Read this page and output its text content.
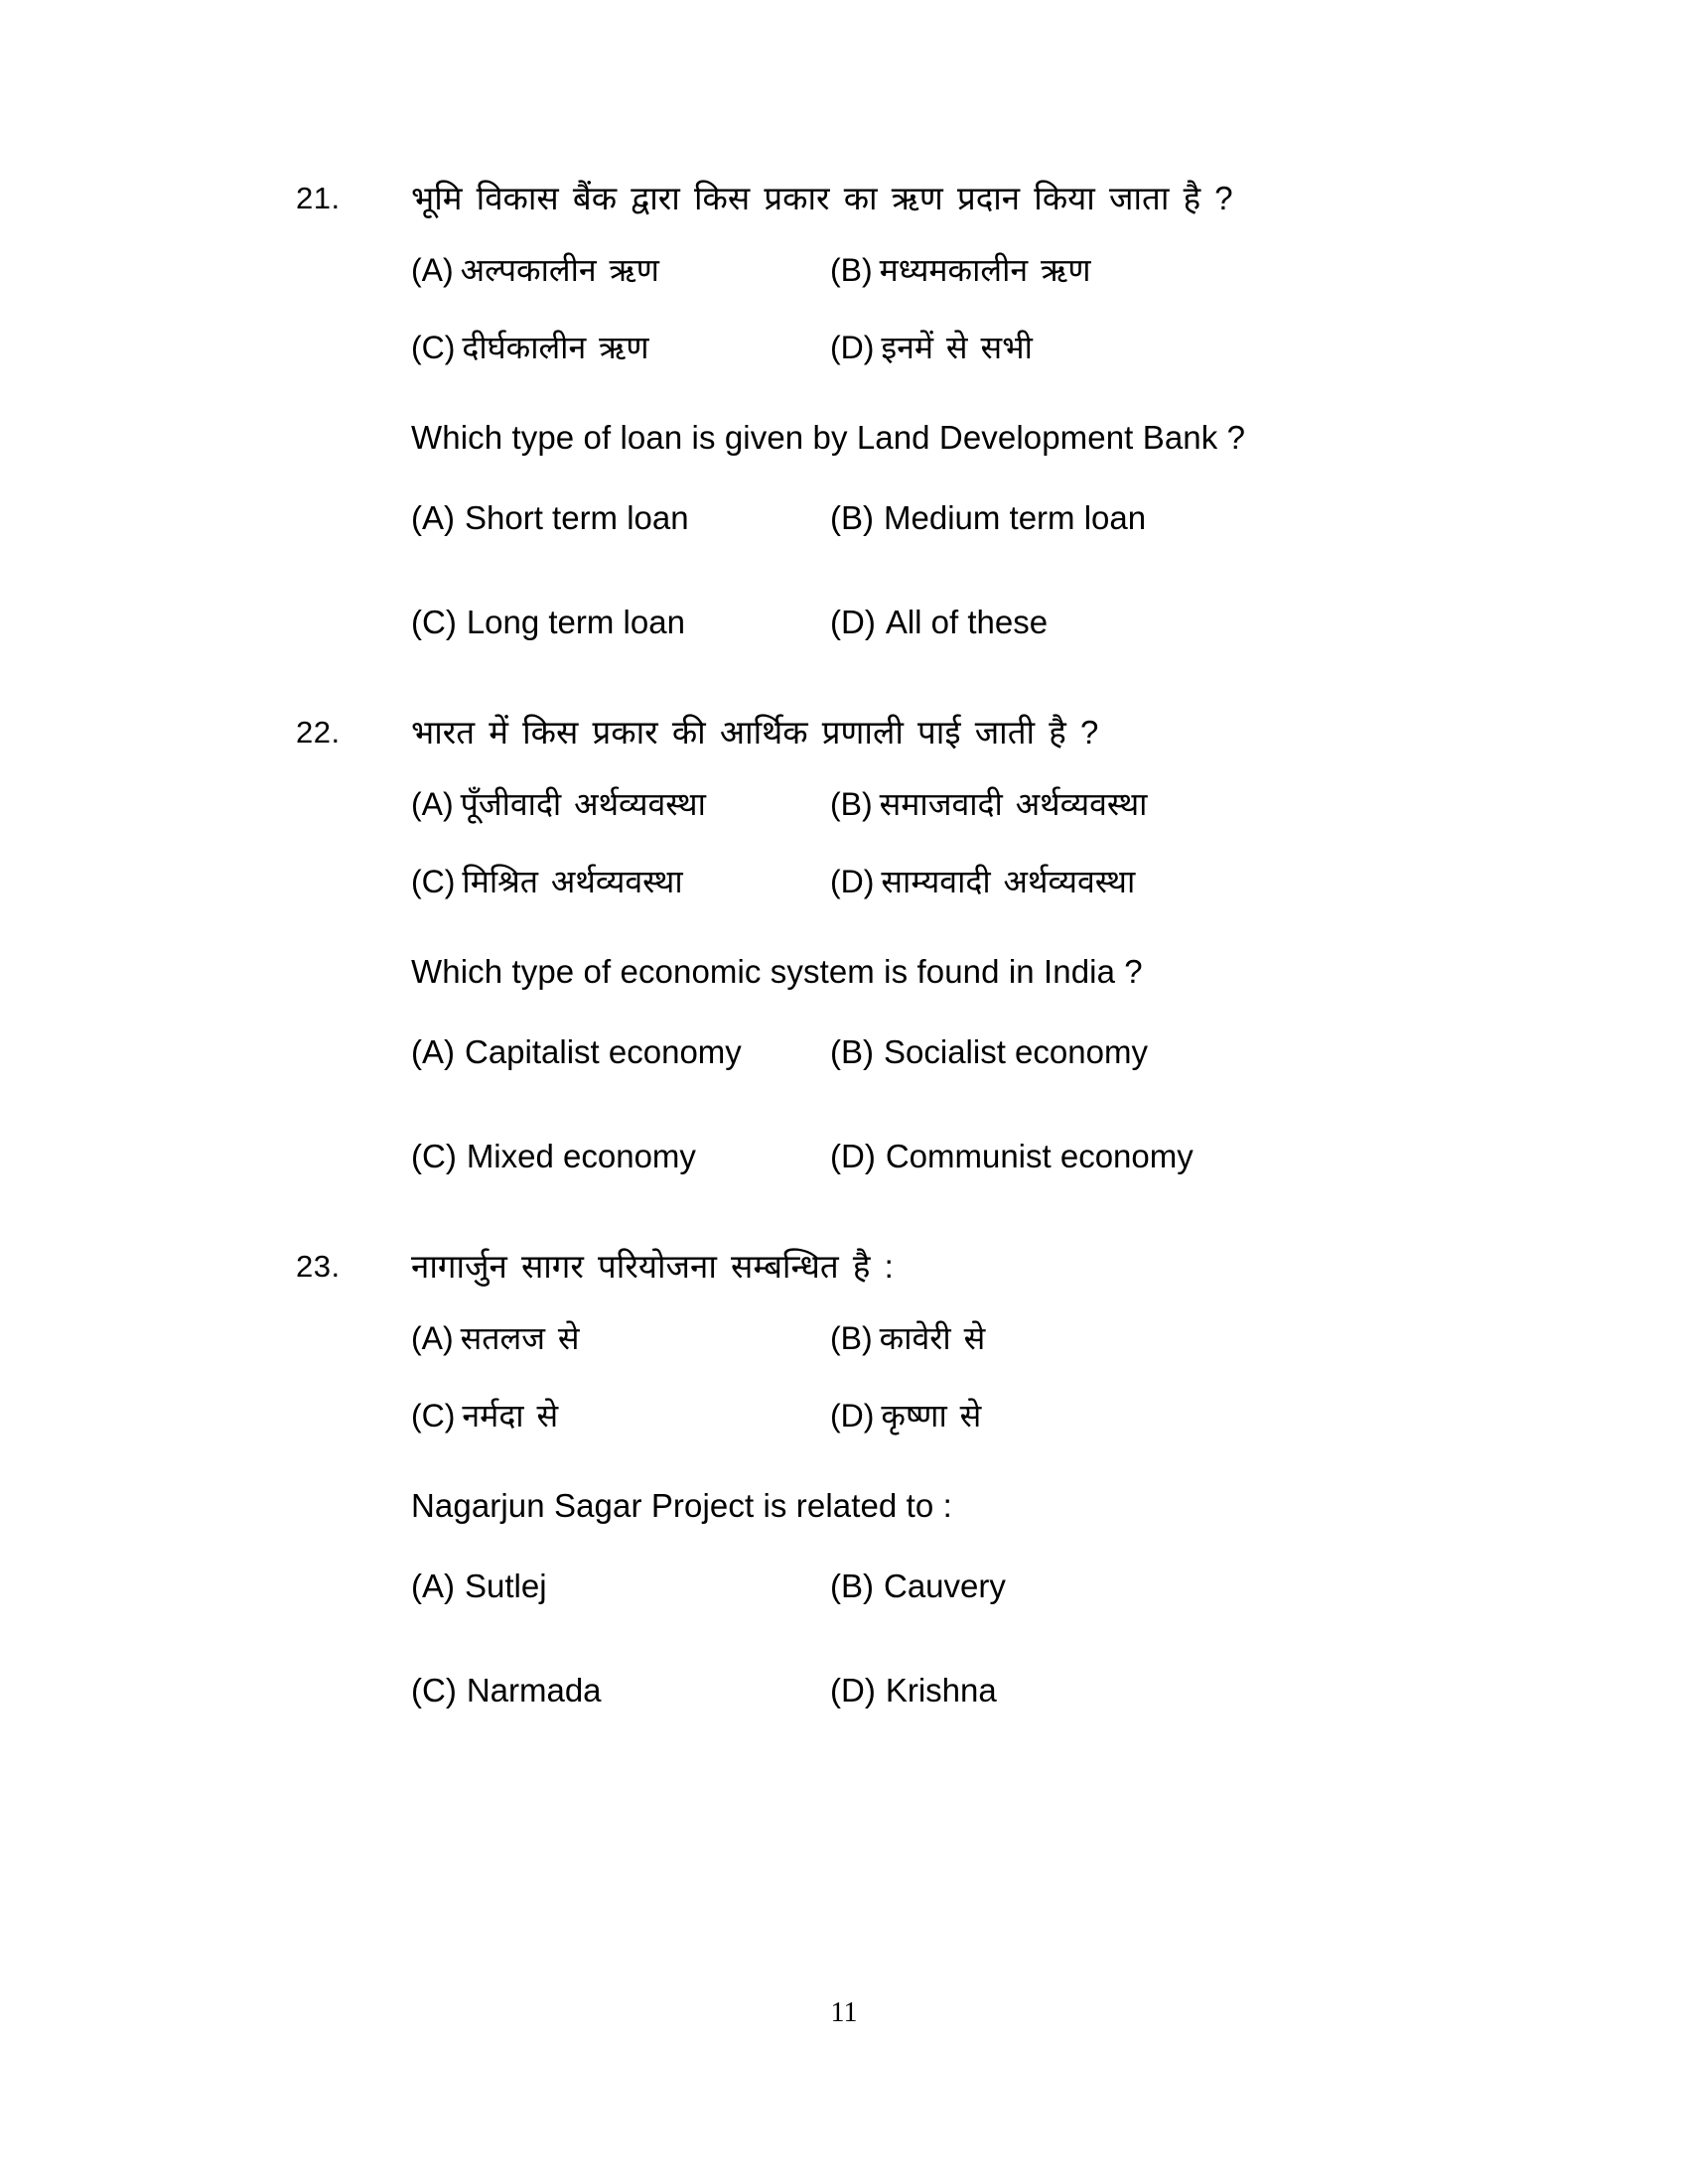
21.	भूमि विकास बैंक द्वारा किस प्रकार का ऋण प्रदान किया जाता है ?
(A) अल्पकालीन ऋण	(B) मध्यमकालीन ऋण
(C) दीर्घकालीन ऋण	(D) इनमें से सभी
Which type of loan is given by Land Development Bank ?
(A) Short term loan	(B) Medium term loan
(C) Long term loan	(D) All of these
22.	भारत में किस प्रकार की आर्थिक प्रणाली पाई जाती है ?
(A) पूँजीवादी अर्थव्यवस्था	(B) समाजवादी अर्थव्यवस्था
(C) मिश्रित अर्थव्यवस्था	(D) साम्यवादी अर्थव्यवस्था
Which type of economic system is found in India ?
(A) Capitalist economy	(B) Socialist economy
(C) Mixed economy	(D) Communist economy
23.	नागार्जुन सागर परियोजना सम्बन्धित है :
(A) सतलज से	(B) कावेरी से
(C) नर्मदा से	(D) कृष्णा से
Nagarjun Sagar Project is related to :
(A) Sutlej	(B) Cauvery
(C) Narmada	(D) Krishna
11
